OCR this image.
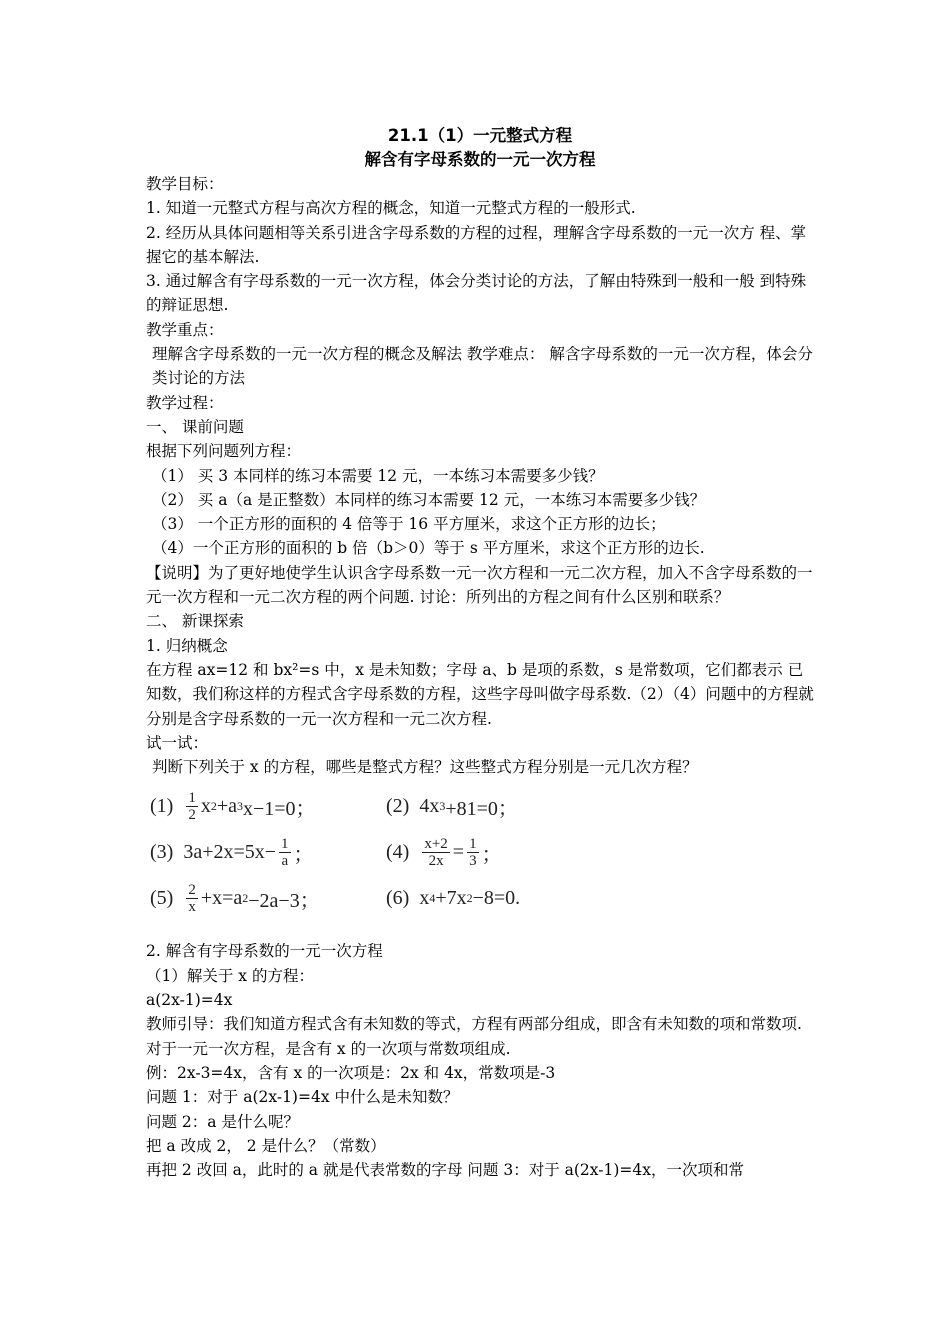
21.1（1）一元整式方程
解含有字母系数的一元一次方程

教学目标：

1. 知道一元整式方程与高次方程的概念，知道一元整式方程的一般形式.

2. 经历从具体问题相等关系引进含字母系数的方程的过程，理解含字母系数的一元一次方 程、掌握它的基本解法.

3. 通过解含有字母系数的一元一次方程，体会分类讨论的方法，了解由特殊到一般和一般 到特殊的辩证思想.

教学重点：

理解含字母系数的一元一次方程的概念及解法 教学难点： 解含字母系数的一元一次方程，体会分类讨论的方法

教学过程：

一、 课前问题

根据下列问题列方程：

（1） 买 3 本同样的练习本需要 12 元，一本练习本需要多少钱？

（2） 买 a（a 是正整数）本同样的练习本需要 12 元，一本练习本需要多少钱？

（3） 一个正方形的面积的 4 倍等于 16 平方厘米，求这个正方形的边长；

（4）一个正方形的面积的 b 倍（b＞0）等于 s 平方厘米，求这个正方形的边长.

【说明】为了更好地使学生认识含字母系数一元一次方程和一元二次方程，加入不含字母系数的一元一次方程和一元二次方程的两个问题. 讨论：所列出的方程之间有什么区别和联系？

二、 新课探索

1. 归纳概念

在方程 ax=12 和 bx²=s 中，x 是未知数；字母 a、b 是项的系数，s 是常数项，它们都表示 已知数，我们称这样的方程式含字母系数的方程，这些字母叫做字母系数.（2）（4）问题中的方程就分别是含字母系数的一元一次方程和一元二次方程.

试一试：

判断下列关于 x 的方程，哪些是整式方程？这些整式方程分别是一元几次方程？

$(1) \frac{1}{2}$ x 2 +a 3 x−1=0；	(2) 4x 3 +81=0；
(3) $3a+2x=5x- \frac{1}{a}$ ；	$(4) \frac{x+2}{2x} = \frac{1}{3}$ ；
$(5) \frac{2}{x} +x=a$ 2 −2a−3；	(6) x 4 +7x 2 −8=0.

2. 解含有字母系数的一元一次方程

（1）解关于 x 的方程：

a(2x-1)=4x

教师引导：我们知道方程式含有未知数的等式，方程有两部分组成，即含有未知数的项和常数项.对于一元一次方程，是含有 x 的一次项与常数项组成.

例：2x-3=4x，含有 x 的一次项是：2x 和 4x，常数项是-3

问题 1：对于 a(2x-1)=4x 中什么是未知数？

问题 2：a 是什么呢？

把 a 改成 2， 2 是什么？（常数）

再把 2 改回 a，此时的 a 就是代表常数的字母 问题 3：对于 a(2x-1)=4x，一次项和常
